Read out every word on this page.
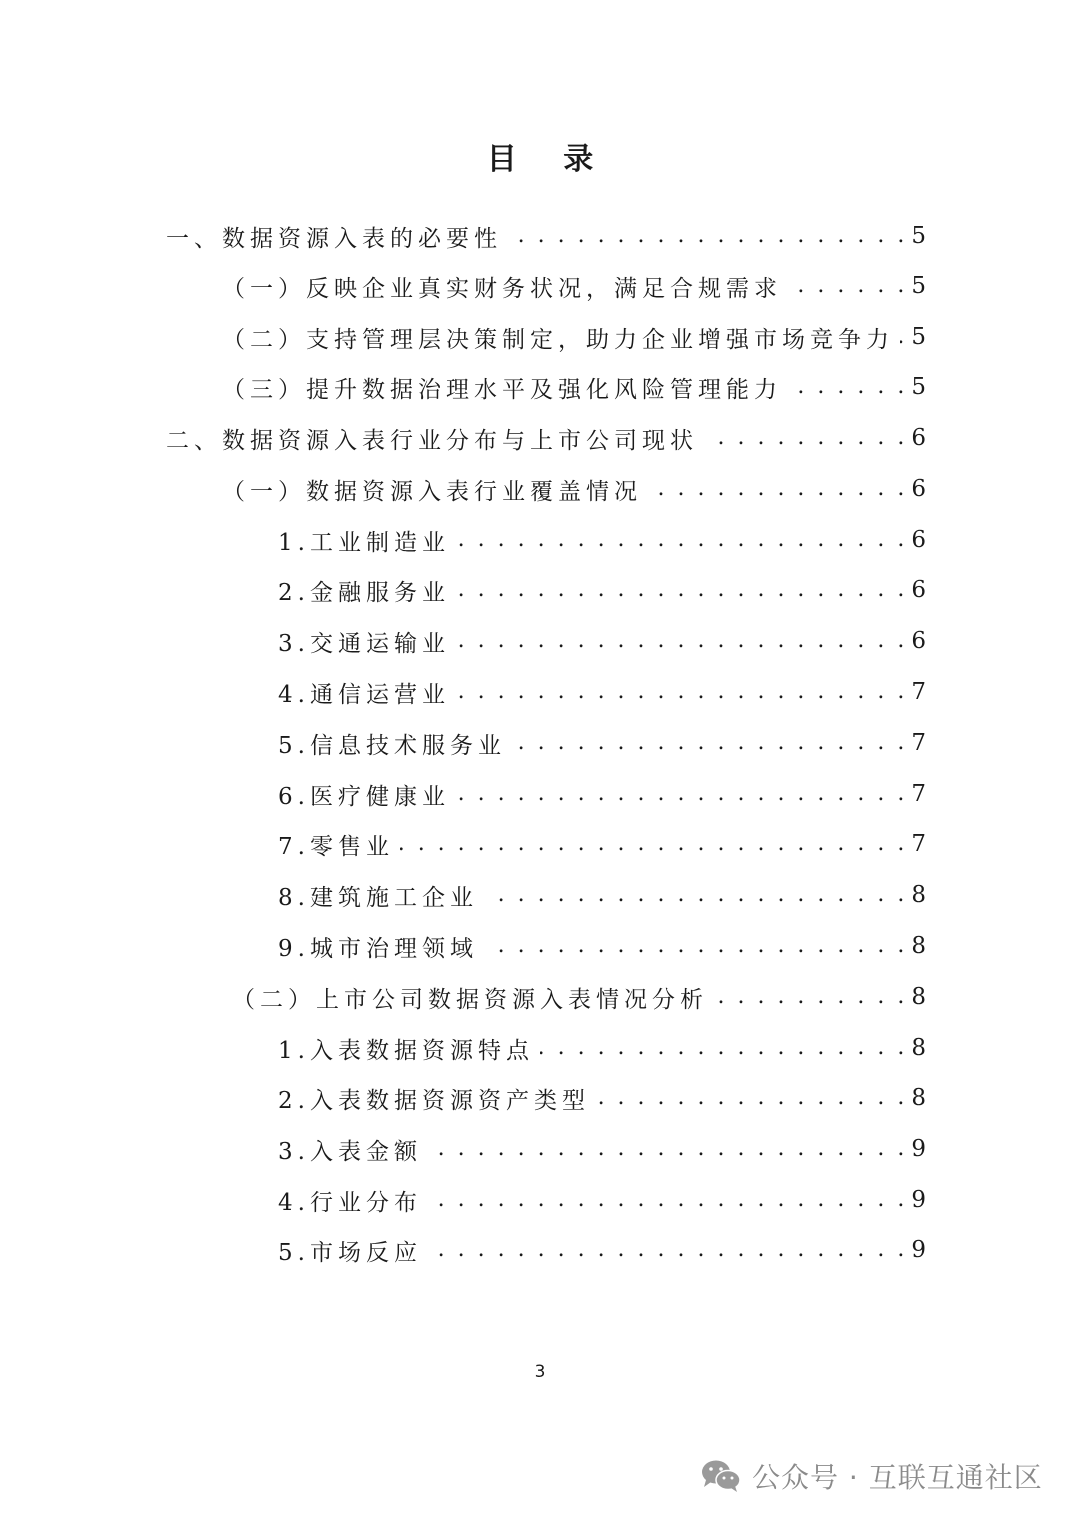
目 录
一、数据资源入表的必要性 . . .	5
（一）反映企业真实财务状况，满足合规需求 . . .	5
（二）支持管理层决策制定，助力企业增强市场竞争力 . . . 5
（三）提升数据治理水平及强化风险管理能力 . . .	5
二、数据资源入表行业分布与上市公司现状 . . .	6
（一）数据资源入表行业覆盖情况 . . .	6
1.工业制造业 . . .	6
2.金融服务业 . . .	6
3.交通运输业 . . .	6
4.通信运营业 . . .	7
5.信息技术服务业 . . .	7
6.医疗健康业 . . .	7
7.零售业 . . .	7
8.建筑施工企业 . . .	8
9.城市治理领域 . . .	8
（二）上市公司数据资源入表情况分析 . . .	8
1.入表数据资源特点 . . .	8
2.入表数据资源资产类型 . . .	8
3.入表金额 . . .	9
4.行业分布 . . .	9
5.市场反应 . . .	9
3
公众号 · 互联互通社区
